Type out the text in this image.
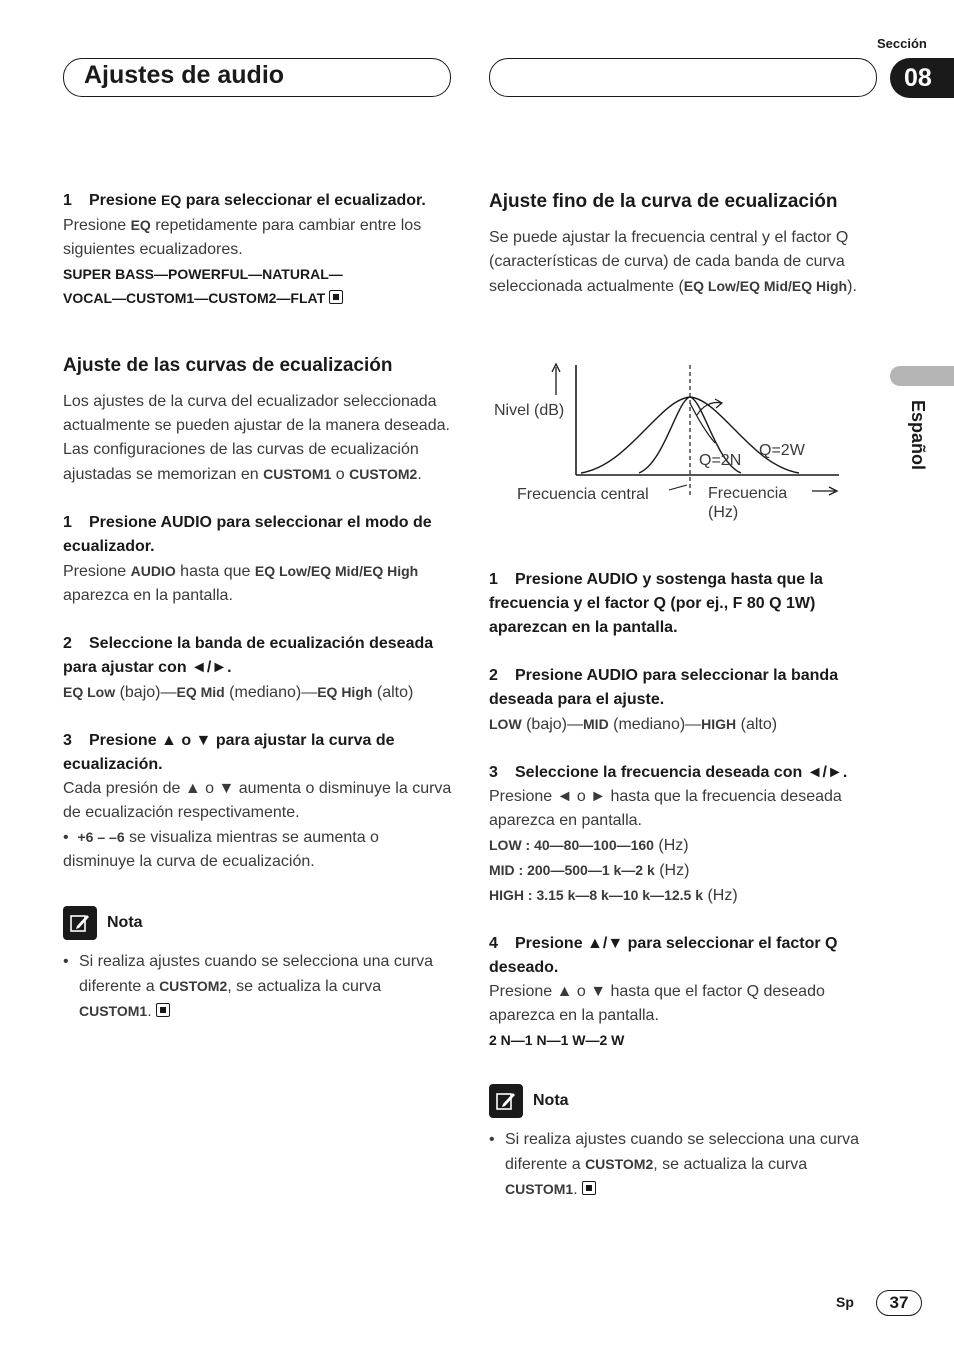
Ajustes de audio
Sección
08
Español

1 Presione EQ para seleccionar el ecualizador.

Presione EQ repetidamente para cambiar entre los siguientes ecualizadores.

SUPER BASS—POWERFUL—NATURAL—

VOCAL—CUSTOM1—CUSTOM2—FLAT

Ajuste de las curvas de ecualización

Los ajustes de la curva del ecualizador seleccionada actualmente se pueden ajustar de la manera deseada. Las configuraciones de las curvas de ecualización ajustadas se memorizan en CUSTOM1 o CUSTOM2.

1 Presione AUDIO para seleccionar el modo de ecualizador.

Presione AUDIO hasta que EQ Low/EQ Mid/EQ High aparezca en la pantalla.

2 Seleccione la banda de ecualización deseada para ajustar con ◄/►.

EQ Low (bajo)—EQ Mid (mediano)—EQ High (alto)

3 Presione ▲ o ▼ para ajustar la curva de ecualización.

Cada presión de ▲ o ▼ aumenta o disminuye la curva de ecualización respectivamente.

• +6 – –6 se visualiza mientras se aumenta o disminuye la curva de ecualización.

Nota
• Si realiza ajustes cuando se selecciona una curva diferente a CUSTOM2, se actualiza la curva CUSTOM1.

Ajuste fino de la curva de ecualización

Se puede ajustar la frecuencia central y el factor Q (características de curva) de cada banda de curva seleccionada actualmente (EQ Low/EQ Mid/EQ High).

Nivel (dB)
Q=2N
Q=2W
Frecuencia central	Frecuencia
(Hz)

1 Presione AUDIO y sostenga hasta que la frecuencia y el factor Q (por ej., F 80 Q 1W) aparezcan en la pantalla.

2 Presione AUDIO para seleccionar la banda deseada para el ajuste.

LOW (bajo)—MID (mediano)—HIGH (alto)

3 Seleccione la frecuencia deseada con ◄/►.

Presione ◄ o ► hasta que la frecuencia deseada aparezca en pantalla.

LOW : 40—80—100—160 (Hz)

MID : 200—500—1 k—2 k (Hz)

HIGH : 3.15 k—8 k—10 k—12.5 k (Hz)

4 Presione ▲/▼ para seleccionar el factor Q deseado.

Presione ▲ o ▼ hasta que el factor Q deseado aparezca en la pantalla.

2 N—1 N—1 W—2 W

Nota
• Si realiza ajustes cuando se selecciona una curva diferente a CUSTOM2, se actualiza la curva CUSTOM1.
Sp	37
